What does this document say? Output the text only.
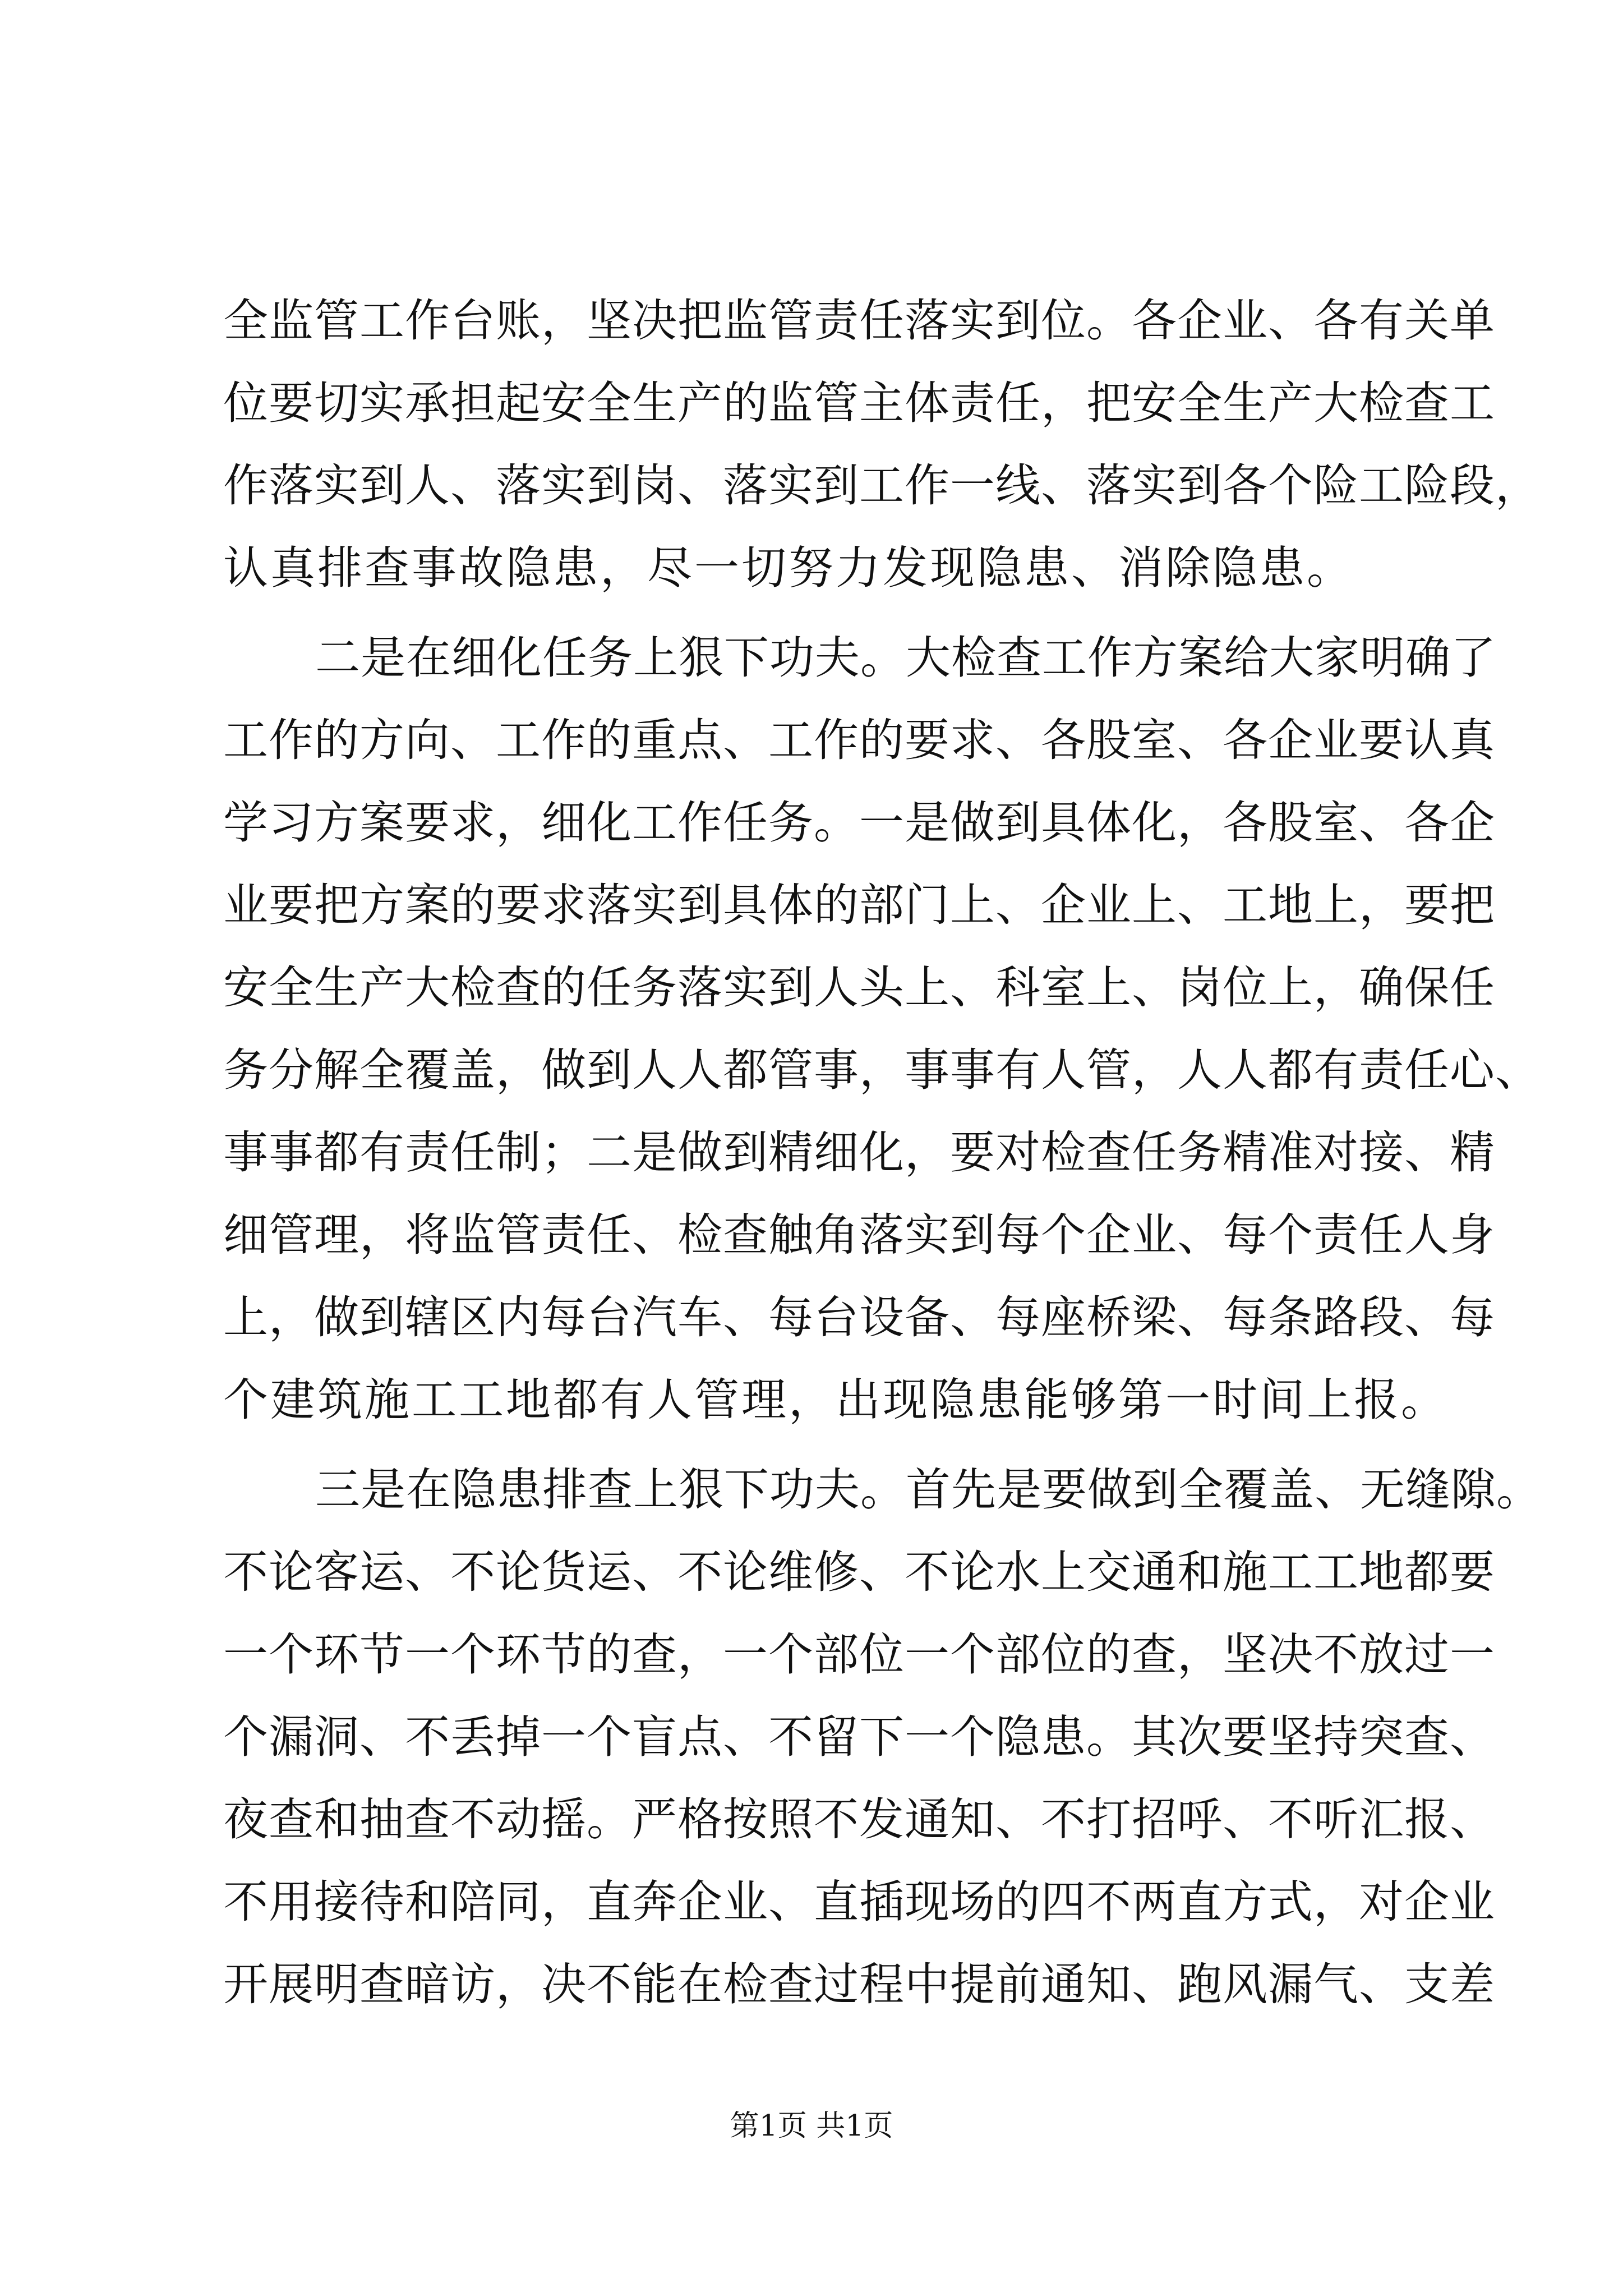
全监管工作台账，坚决把监管责任落实到位。各企业、各有关单
位要切实承担起安全生产的监管主体责任，把安全生产大检查工
作落实到人、落实到岗、落实到工作一线、落实到各个险工险段，
认真排查事故隐患，尽一切努力发现隐患、消除隐患。
二是在细化任务上狠下功夫。大检查工作方案给大家明确了
工作的方向、工作的重点、工作的要求、各股室、各企业要认真
学习方案要求，细化工作任务。一是做到具体化，各股室、各企
业要把方案的要求落实到具体的部门上、企业上、工地上，要把
安全生产大检查的任务落实到人头上、科室上、岗位上，确保任
务分解全覆盖，做到人人都管事，事事有人管，人人都有责任心、
事事都有责任制；二是做到精细化，要对检查任务精准对接、精
细管理，将监管责任、检查触角落实到每个企业、每个责任人身
上，做到辖区内每台汽车、每台设备、每座桥梁、每条路段、每
个建筑施工工地都有人管理，出现隐患能够第一时间上报。
三是在隐患排查上狠下功夫。首先是要做到全覆盖、无缝隙。
不论客运、不论货运、不论维修、不论水上交通和施工工地都要
一个环节一个环节的查，一个部位一个部位的查，坚决不放过一
个漏洞、不丢掉一个盲点、不留下一个隐患。其次要坚持突查、
夜查和抽查不动摇。严格按照不发通知、不打招呼、不听汇报、
不用接待和陪同，直奔企业、直插现场的四不两直方式，对企业
开展明查暗访，决不能在检查过程中提前通知、跑风漏气、支差
第1页 共1页
